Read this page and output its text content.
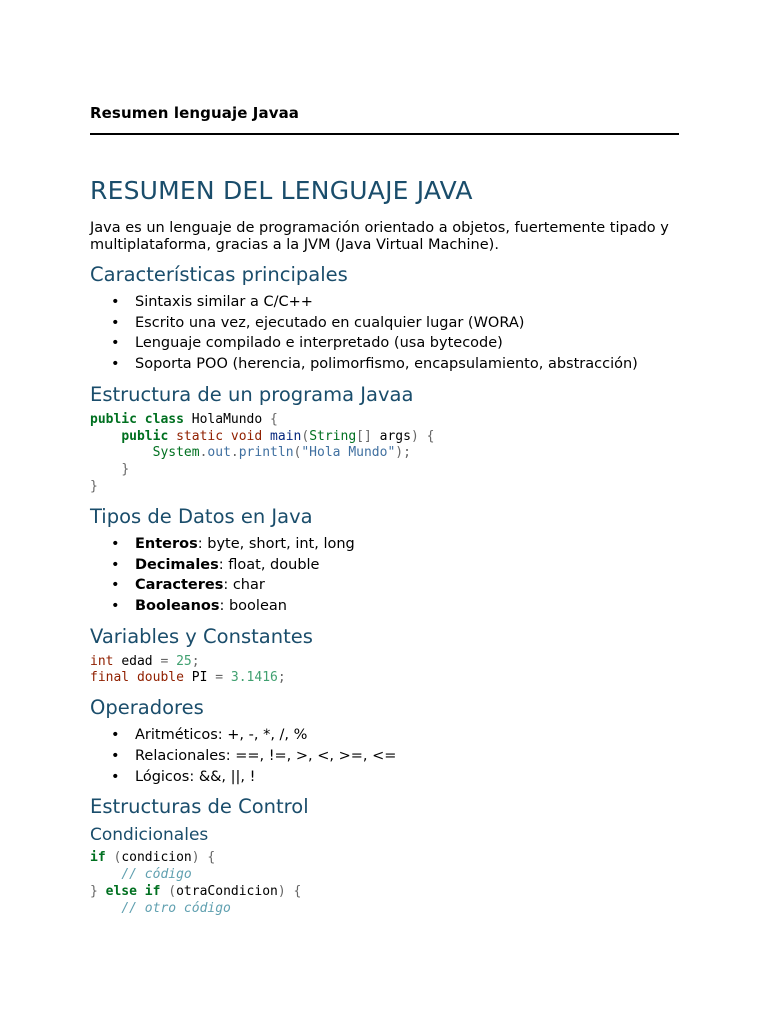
Resumen lenguaje Javaa
RESUMEN DEL LENGUAJE JAVA

Java es un lenguaje de programación orientado a objetos, fuertemente tipado y multiplataforma, gracias a la JVM (Java Virtual Machine).

Características principales
• Sintaxis similar a C/C++
• Escrito una vez, ejecutado en cualquier lugar (WORA)
• Lenguaje compilado e interpretado (usa bytecode)
• Soporta POO (herencia, polimorfismo, encapsulamiento, abstracción)
Estructura de un programa Javaa
public class HolaMundo {
public static void main(String[] args) {
System.out.println("Hola Mundo");
}
}
Tipos de Datos en Java
• Enteros: byte, short, int, long
• Decimales: float, double
• Caracteres: char
• Booleanos: boolean
Variables y Constantes
int edad = 25;
final double PI = 3.1416;
Operadores
• Aritméticos: +, -, *, /, %
• Relacionales: ==, !=, >, <, >=, <=
• Lógicos: &&, ||, !
Estructuras de Control
Condicionales
if (condicion) {
// código
} else if (otraCondicion) {
// otro código
